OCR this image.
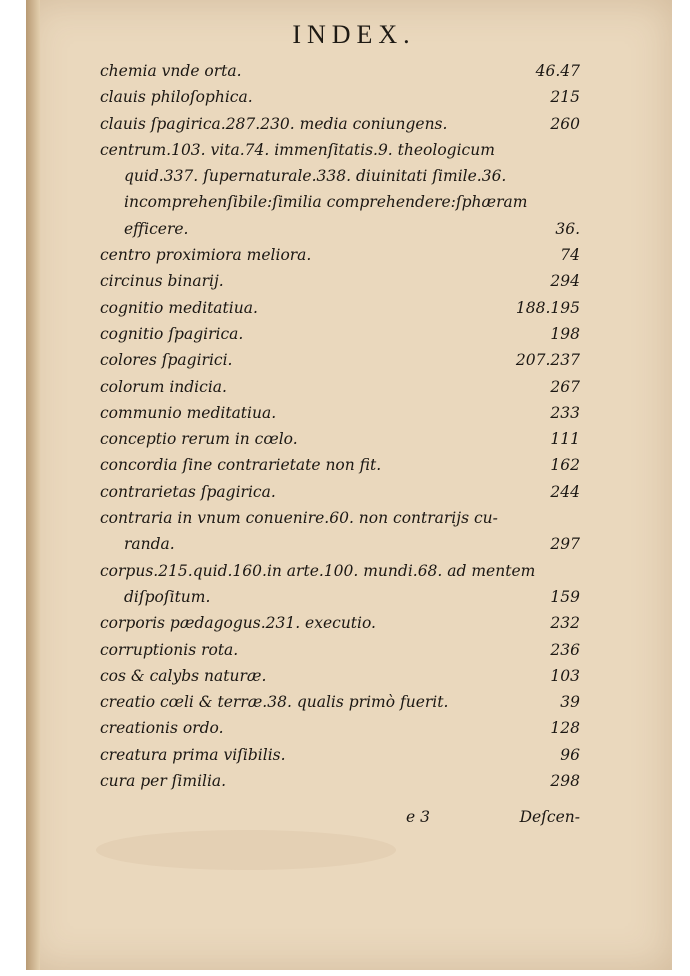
INDEX.
chemia vnde orta.	46.47
clauis philoſophica.	215
clauis ſpagirica.287.230. media coniungens.	260
centrum.103. vita.74. immenſitatis.9. theologicum
quid.337. ſupernaturale.338. diuinitati ſimile.36.
incomprehenſibile:ſimilia comprehendere:ſphæram
efficere.	36.
centro proximiora meliora.	74
circinus binarij.	294
cognitio meditatiua.	188.195
cognitio ſpagirica.	198
colores ſpagirici.	207.237
colorum indicia.	267
communio meditatiua.	233
conceptio rerum in cœlo.	111
concordia ſine contrarietate non fit.	162
contrarietas ſpagirica.	244
contraria in vnum conuenire.60. non contrarijs cu-
randa.	297
corpus.215.quid.160.in arte.100. mundi.68. ad mentem
diſpoſitum.	159
corporis pædagogus.231. executio.	232
corruptionis rota.	236
cos & calybs naturæ.	103
creatio cœli & terræ.38. qualis primò fuerit.	39
creationis ordo.	128
creatura prima viſibilis.	96
cura per ſimilia.	298
e 3	Deſcen-
